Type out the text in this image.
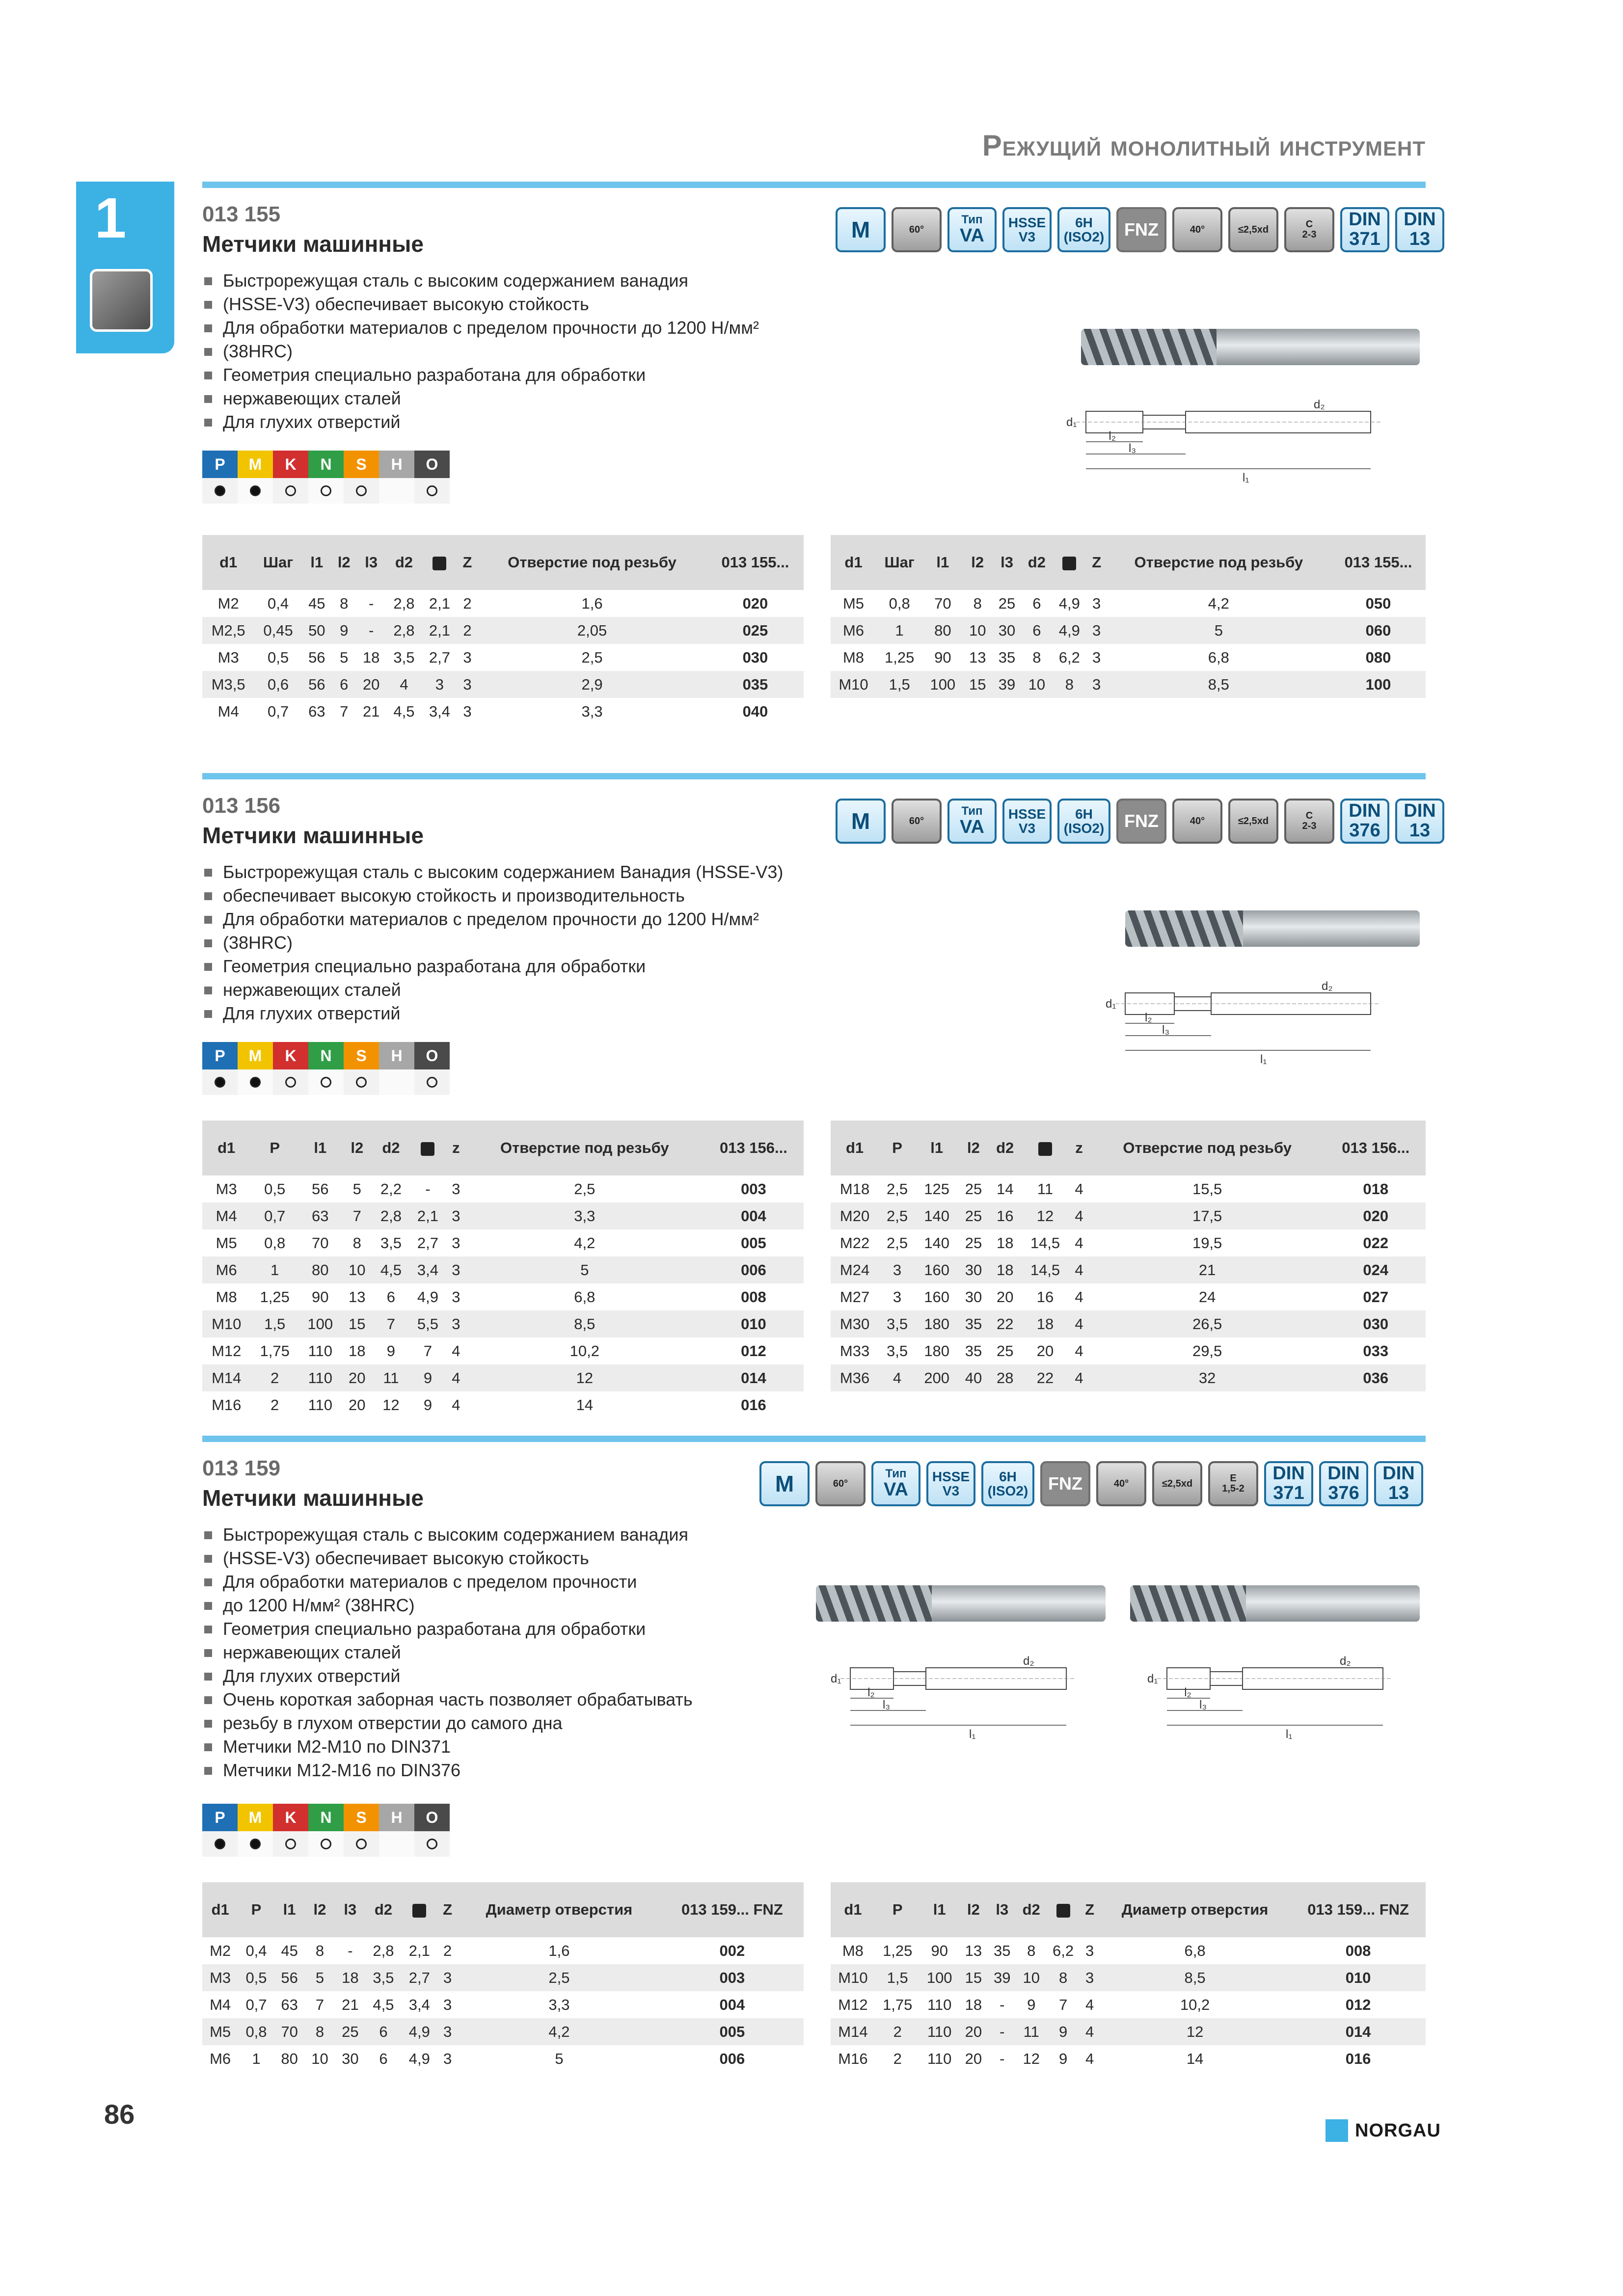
Режущий монолитный инструмент
1	013 155
Метчики машинные
Быстрорежущая сталь с высоким содержанием ванадия
(HSSE-V3) обеспечивает высокую стойкость
Для обработки материалов с пределом прочности до 1200 Н/мм²
(38HRC)
Геометрия специально разработана для обработки
нержавеющих сталей
Для глухих отверстий
P	M	K	N	S	H	O
M	60°
Тип
VA
HSSE
V3
6H
(ISO2)	FNZ	40°	≤2,5xd	C
2-3
DIN
371
DIN
13
d₁
d₂
l₂
l₃
l₁
d1	Шаг	l1	l2	l3	d2		Z	Отверстие под резьбу	013 155...
M2	0,4	45	8	-	2,8	2,1	2	1,6	020
M2,5	0,45	50	9	-	2,8	2,1	2	2,05	025
M3	0,5	56	5	18	3,5	2,7	3	2,5	030
M3,5	0,6	56	6	20	4	3	3	2,9	035
M4	0,7	63	7	21	4,5	3,4	3	3,3	040
d1	Шаг	l1	l2	l3	d2		Z	Отверстие под резьбу	013 155...
M5	0,8	70	8	25	6	4,9	3	4,2	050
M6	1	80	10	30	6	4,9	3	5	060
M8	1,25	90	13	35	8	6,2	3	6,8	080
M10	1,5	100	15	39	10	8	3	8,5	100
013 156
Метчики машинные
Быстрорежущая сталь с высоким содержанием Ванадия (HSSE-V3)
обеспечивает высокую стойкость и производительность
Для обработки материалов с пределом прочности до 1200 Н/мм²
(38HRC)
Геометрия специально разработана для обработки
нержавеющих сталей
Для глухих отверстий
P	M	K	N	S	H	O
M	60°
Тип
VA
HSSE
V3
6H
(ISO2)	FNZ	40°	≤2,5xd	C
2-3
DIN
376
DIN
13
d₁
d₂
l₂
l₃
l₁
d1	P	l1	l2	d2		z	Отверстие под резьбу	013 156...
M3	0,5	56	5	2,2	-	3	2,5	003
M4	0,7	63	7	2,8	2,1	3	3,3	004
M5	0,8	70	8	3,5	2,7	3	4,2	005
M6	1	80	10	4,5	3,4	3	5	006
M8	1,25	90	13	6	4,9	3	6,8	008
M10	1,5	100	15	7	5,5	3	8,5	010
M12	1,75	110	18	9	7	4	10,2	012
M14	2	110	20	11	9	4	12	014
M16	2	110	20	12	9	4	14	016
d1	P	l1	l2	d2		z	Отверстие под резьбу	013 156...
M18	2,5	125	25	14	11	4	15,5	018
M20	2,5	140	25	16	12	4	17,5	020
M22	2,5	140	25	18	14,5	4	19,5	022
M24	3	160	30	18	14,5	4	21	024
M27	3	160	30	20	16	4	24	027
M30	3,5	180	35	22	18	4	26,5	030
M33	3,5	180	35	25	20	4	29,5	033
M36	4	200	40	28	22	4	32	036
013 159
Метчики машинные
Быстрорежущая сталь с высоким содержанием ванадия
(HSSE-V3) обеспечивает высокую стойкость
Для обработки материалов с пределом прочности
до 1200 Н/мм² (38HRC)
Геометрия специально разработана для обработки
нержавеющих сталей
Для глухих отверстий
Очень короткая заборная часть позволяет обрабатывать
резьбу в глухом отверстии до самого дна
Метчики M2-M10 по DIN371
Метчики M12-M16 по DIN376
P	M	K	N	S	H	O
M	60°
Тип
VA
HSSE
V3
6H
(ISO2)	FNZ	40°	≤2,5xd	E
1,5-2
DIN
371
DIN
376
DIN
13
d₁
d₂
l₂
l₃
l₁
d₁
d₂
l₂
l₃
l₁
d1	P	l1	l2	l3	d2		Z	Диаметр отверстия	013 159... FNZ
M2	0,4	45	8	-	2,8	2,1	2	1,6	002
M3	0,5	56	5	18	3,5	2,7	3	2,5	003
M4	0,7	63	7	21	4,5	3,4	3	3,3	004
M5	0,8	70	8	25	6	4,9	3	4,2	005
M6	1	80	10	30	6	4,9	3	5	006
d1	P	l1	l2	l3	d2		Z	Диаметр отверстия	013 159... FNZ
M8	1,25	90	13	35	8	6,2	3	6,8	008
M10	1,5	100	15	39	10	8	3	8,5	010
M12	1,75	110	18	-	9	7	4	10,2	012
M14	2	110	20	-	11	9	4	12	014
M16	2	110	20	-	12	9	4	14	016
86
NORGAU
